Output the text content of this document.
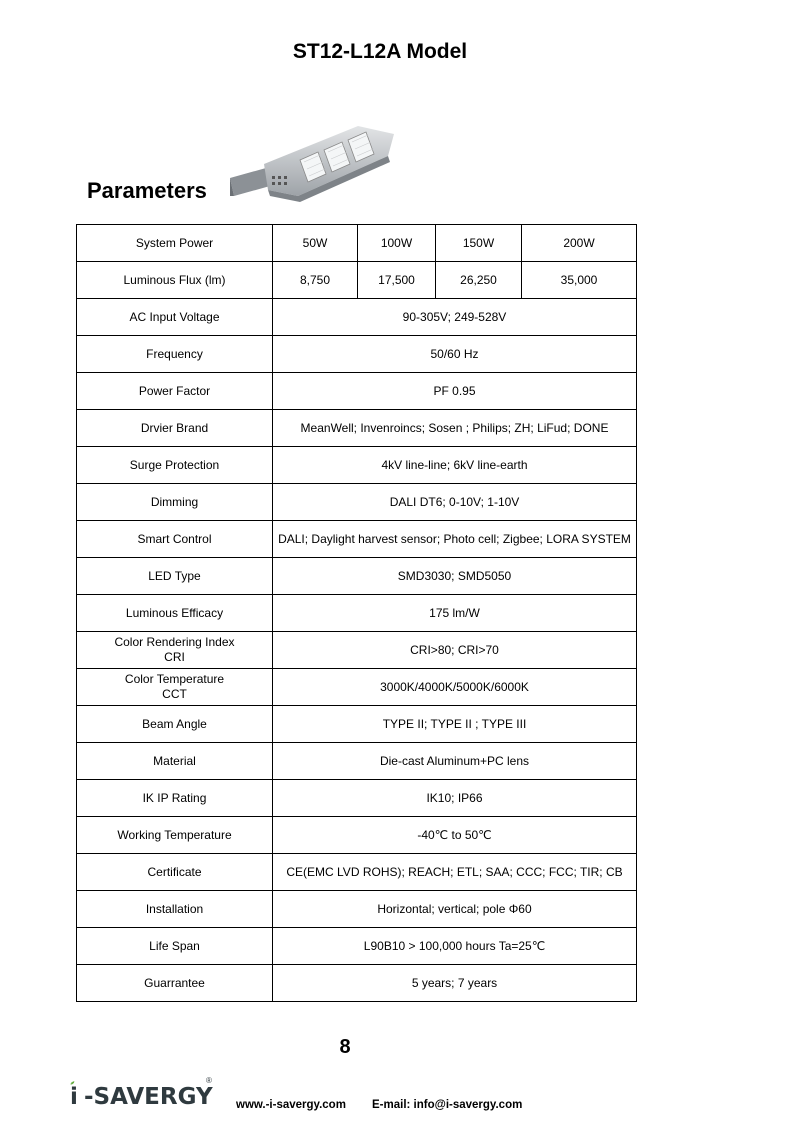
ST12-L12A Model
Parameters
System Power	50W	100W	150W	200W
Luminous Flux (lm)	8,750	17,500	26,250	35,000
AC Input Voltage	90-305V; 249-528V			
Frequency	50/60 Hz			
Power Factor	PF 0.95			
Drvier Brand	MeanWell; Invenroincs; Sosen ; Philips; ZH; LiFud; DONE			
Surge Protection	4kV line-line; 6kV line-earth			
Dimming	DALI DT6; 0-10V; 1-10V			
Smart Control	DALI; Daylight harvest sensor; Photo cell; Zigbee; LORA SYSTEM			
LED Type	SMD3030; SMD5050			
Luminous Efficacy	175 lm/W			
Color Rendering Index
CRI	CRI>80; CRI>70			
Color Temperature
CCT	3000K/4000K/5000K/6000K			
Beam Angle	TYPE II; TYPE II ; TYPE III			
Material	Die-cast Aluminum+PC lens			
IK IP Rating	IK10; IP66			
Working Temperature	-40℃ to 50℃			
Certificate	CE(EMC LVD ROHS); REACH; ETL; SAA; CCC; FCC; TIR; CB			
Installation	Horizontal; vertical; pole Φ60			
Life Span	L90B10 > 100,000 hours Ta=25℃			
Guarrantee	5 years; 7 years			
8
i -SAVERGY
®
www.-i-savergy.com E-mail: info@i-savergy.com
